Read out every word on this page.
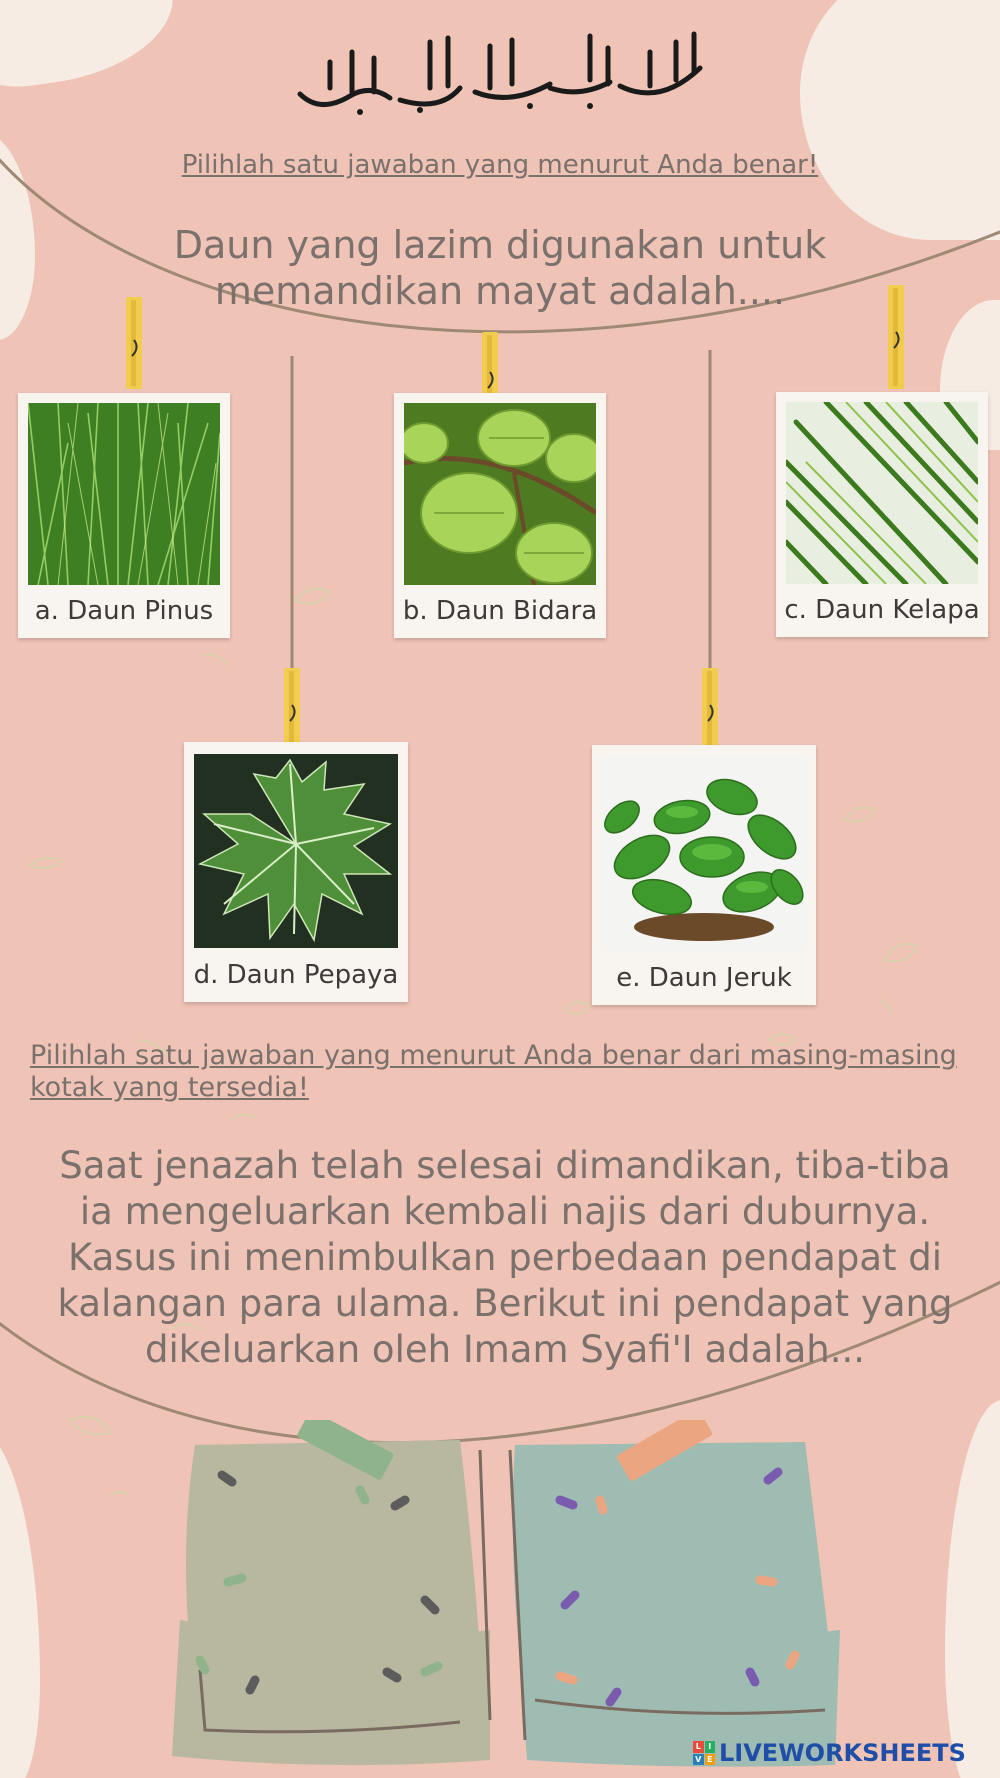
Pilihlah satu jawaban yang menurut Anda benar!
Daun yang lazim digunakan untuk
memandikan mayat adalah....
a. Daun Pinus	b. Daun Bidara	c. Daun Kelapa
d. Daun Pepaya	e. Daun Jeruk
Pilihlah satu jawaban yang menurut Anda benar dari masing-masing
kotak yang tersedia!
Saat jenazah telah selesai dimandikan, tiba-tiba
ia mengeluarkan kembali najis dari duburnya.
Kasus ini menimbulkan perbedaan pendapat di
kalangan para ulama. Berikut ini pendapat yang
dikeluarkan oleh Imam Syafi'I adalah...
L I
V E LIVEWORKSHEETS
